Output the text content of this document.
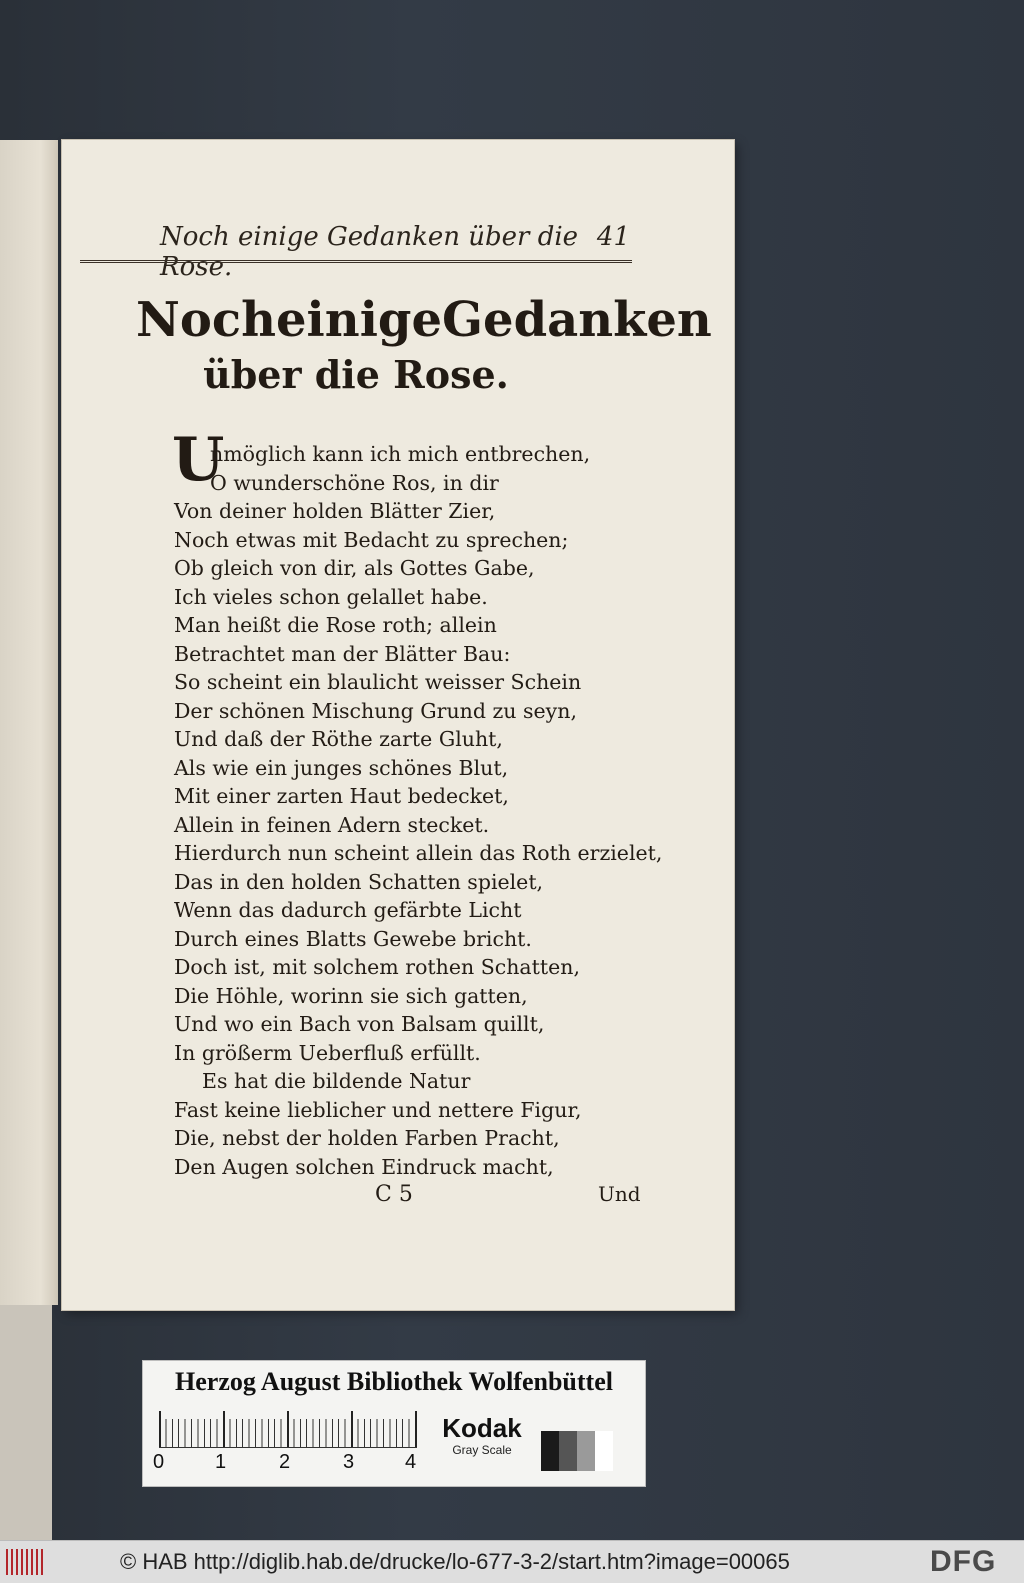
Noch einige Gedanken über die Rose.
41
Noch einige Gedanken
über die Rose.
U
nmöglich kann ich mich entbrechen,
O wunderschöne Ros, in dir
Von deiner holden Blätter Zier,
Noch etwas mit Bedacht zu sprechen;
Ob gleich von dir, als Gottes Gabe,
Ich vieles schon gelallet habe.
Man heißt die Rose roth; allein
Betrachtet man der Blätter Bau:
So scheint ein blaulicht weisser Schein
Der schönen Mischung Grund zu seyn,
Und daß der Röthe zarte Gluht,
Als wie ein junges schönes Blut,
Mit einer zarten Haut bedecket,
Allein in feinen Adern stecket.
Hierdurch nun scheint allein das Roth erzielet,
Das in den holden Schatten spielet,
Wenn das dadurch gefärbte Licht
Durch eines Blatts Gewebe bricht.
Doch ist, mit solchem rothen Schatten,
Die Höhle, worinn sie sich gatten,
Und wo ein Bach von Balsam quillt,
In größerm Ueberfluß erfüllt.
Es hat die bildende Natur
Fast keine lieblicher und nettere Figur,
Die, nebst der holden Farben Pracht,
Den Augen solchen Eindruck macht,
C 5	Und
Herzog August Bibliothek Wolfenbüttel
0	1	2	3	4
Kodak
Gray Scale
© HAB http://diglib.hab.de/drucke/lo-677-3-2/start.htm?image=00065	DFG
